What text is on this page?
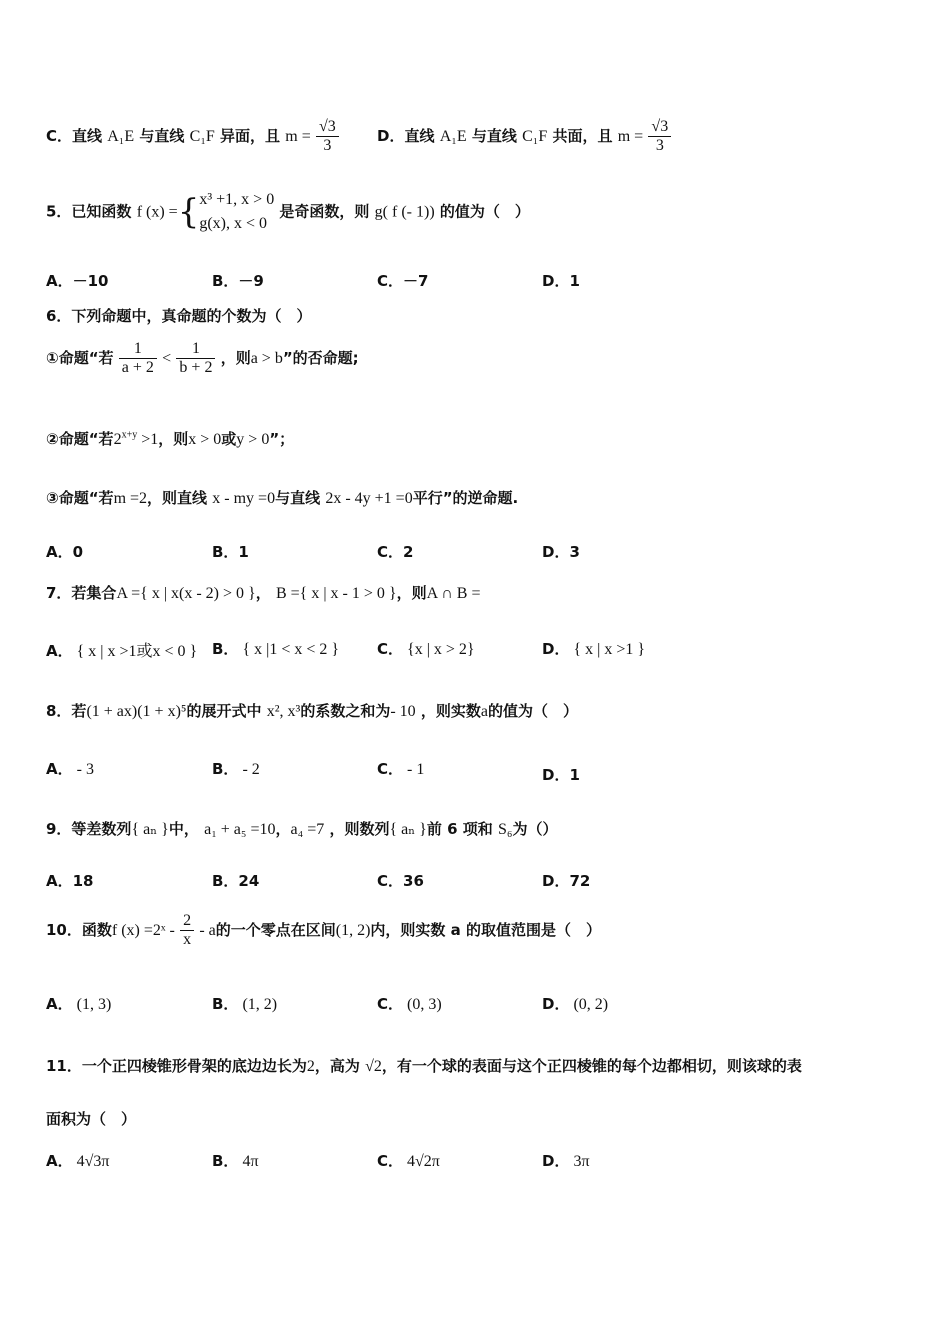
C．直线 A₁E 与直线 C₁F 异面，且 $m = \frac{√3}{3}$	D．直线 A₁E 与直线 C₁F 共面，且 $m = \frac{√3}{3}$
5．已知函数 f (x) ={x³ +1, x > 0
g(x), x < 0 是奇函数，则 g( f (- 1)) 的值为（　）
A．－10	B．－9	C．－7	D．1
6．下列命题中，真命题的个数为（　）
①命题“若 $\frac{1}{a + 2} < \frac{1}{b + 2}$ ，则a > b”的否命题;
②命题“若$2^{x+y} >1$，则x > 0或y > 0”；
③命题“若m =2，则直线 x - my =0与直线 2x - 4y +1 =0平行”的逆命题.
A．0	B．1	C．2	D．3
7．若集合A ={ x | x(x - 2) > 0 }， B ={ x | x - 1 > 0 }，则A ∩ B =
A． { x | x >1或x < 0 } B． { x |1 < x < 2 }	C． {x | x > 2}	D． { x | x >1 }
8．若(1 + ax)(1 + x)⁵的展开式中 x², x³的系数之和为- 10 ，则实数a的值为（　）
A． - 3	B． - 2	C． - 1	D．1
9．等差数列{ aₙ }中， a₁ + a₅ =10，a₄ =7 ，则数列{ aₙ }前 6 项和 S₆为（）
A．18	B．24	C．36	D．72
10．函数f (x) =2ˣ - $\frac{2}{x}$ - a的一个零点在区间(1, 2)内，则实数 a 的取值范围是（　）
A． (1, 3)	B． (1, 2)	C． (0, 3)	D． (0, 2)
11．一个正四棱锥形骨架的底边边长为2，高为 √2，有一个球的表面与这个正四棱锥的每个边都相切，则该球的表
面积为（　）
A． 4√3π	B． 4π	C． 4√2π	D． 3π
